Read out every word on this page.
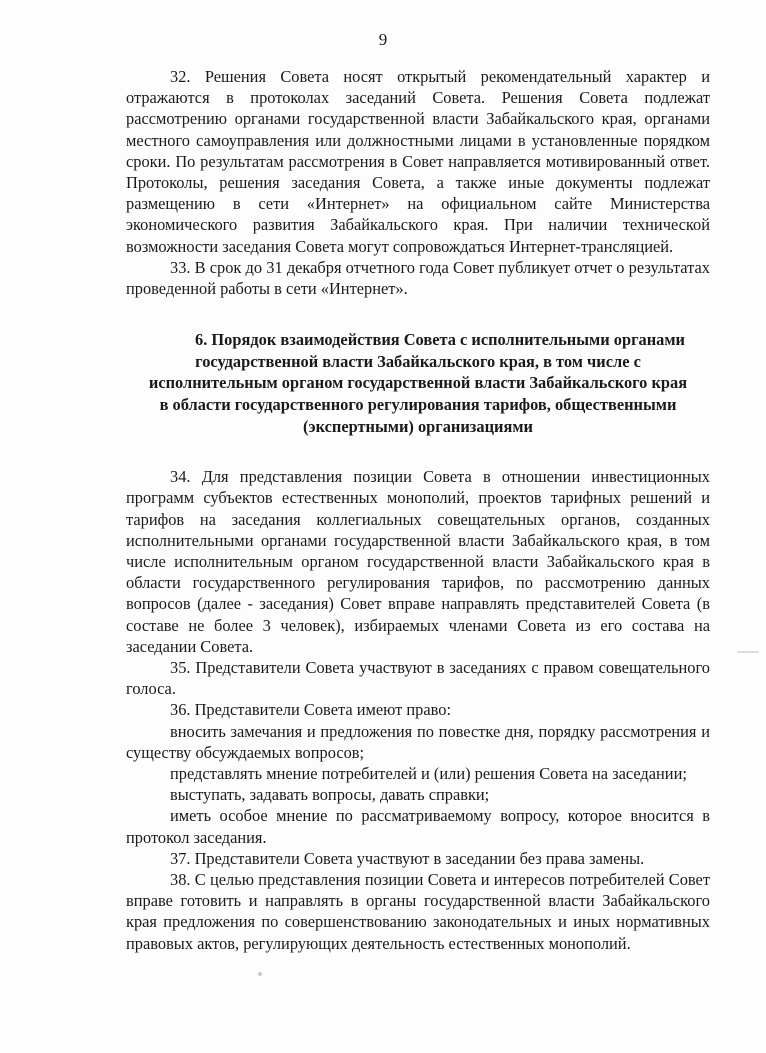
9

32. Решения Совета носят открытый рекомендательный характер и отражаются в протоколах заседаний Совета. Решения Совета подлежат рассмотрению органами государственной власти Забайкальского края, органами местного самоуправления или должностными лицами в установленные порядком сроки. По результатам рассмотрения в Совет направляется мотивированный ответ. Протоколы, решения заседания Совета, а также иные документы подлежат размещению в сети «Интернет» на официальном сайте Министерства экономического развития Забайкальского края. При наличии технической возможности заседания Совета могут сопровождаться Интернет-трансляцией.

33. В срок до 31 декабря отчетного года Совет публикует отчет о результатах проведенной работы в сети «Интернет».

6. Порядок взаимодействия Совета с исполнительными органами
государственной власти Забайкальского края, в том числе с
исполнительным органом государственной власти Забайкальского края
в области государственного регулирования тарифов, общественными
(экспертными) организациями

34. Для представления позиции Совета в отношении инвестиционных программ субъектов естественных монополий, проектов тарифных решений и тарифов на заседания коллегиальных совещательных органов, созданных исполнительными органами государственной власти Забайкальского края, в том числе исполнительным органом государственной власти Забайкальского края в области государственного регулирования тарифов, по рассмотрению данных вопросов (далее - заседания) Совет вправе направлять представителей Совета (в составе не более 3 человек), избираемых членами Совета из его состава на заседании Совета.

35. Представители Совета участвуют в заседаниях с правом совещательного голоса.

36. Представители Совета имеют право:

вносить замечания и предложения по повестке дня, порядку рассмотрения и существу обсуждаемых вопросов;

представлять мнение потребителей и (или) решения Совета на заседании;

выступать, задавать вопросы, давать справки;

иметь особое мнение по рассматриваемому вопросу, которое вносится в протокол заседания.

37. Представители Совета участвуют в заседании без права замены.

38. С целью представления позиции Совета и интересов потребителей Совет вправе готовить и направлять в органы государственной власти Забайкальского края предложения по совершенствованию законодательных и иных нормативных правовых актов, регулирующих деятельность естественных монополий.
